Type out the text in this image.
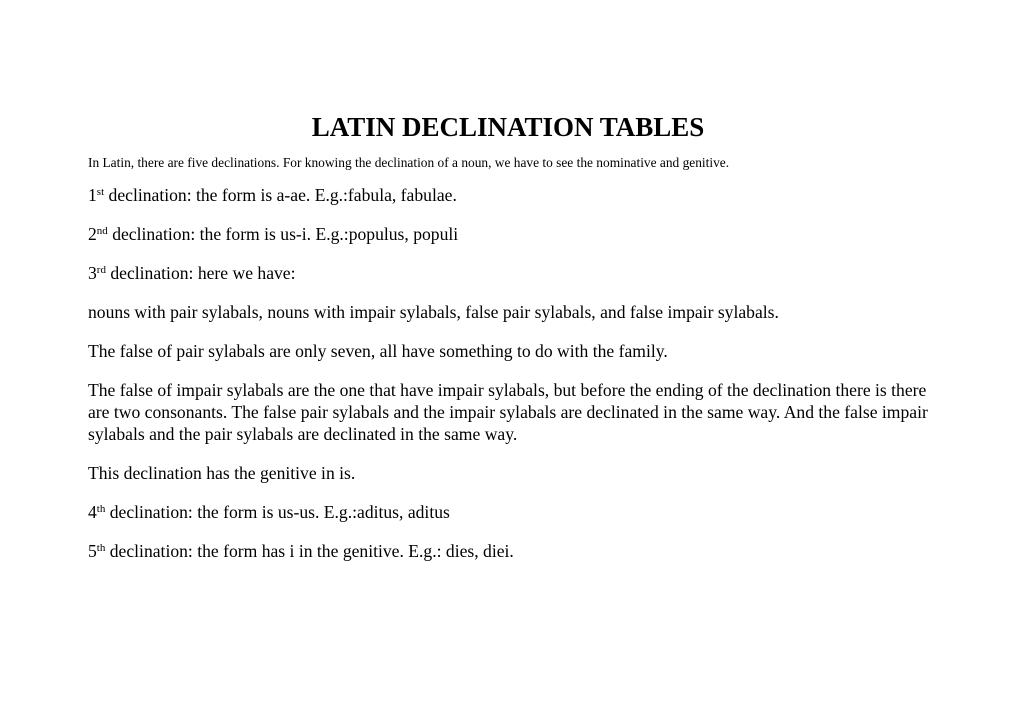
LATIN DECLINATION TABLES

In Latin, there are five declinations. For knowing the declination of a noun, we have to see the nominative and genitive.

1st declination: the form is a-ae. E.g.:fabula, fabulae.

2nd declination: the form is us-i. E.g.:populus, populi

3rd declination: here we have:

nouns with pair sylabals, nouns with impair sylabals, false pair sylabals, and false impair sylabals.

The false of pair sylabals are only seven, all have something to do with the family.

The false of impair sylabals are the one that have impair sylabals, but before the ending of the declination there is there are two consonants. The false pair sylabals and the impair sylabals are declinated in the same way. And the false impair sylabals and the pair sylabals are declinated in the same way.

This declination has the genitive in is.

4th declination: the form is us-us. E.g.:aditus, aditus

5th declination: the form has i in the genitive. E.g.: dies, diei.
